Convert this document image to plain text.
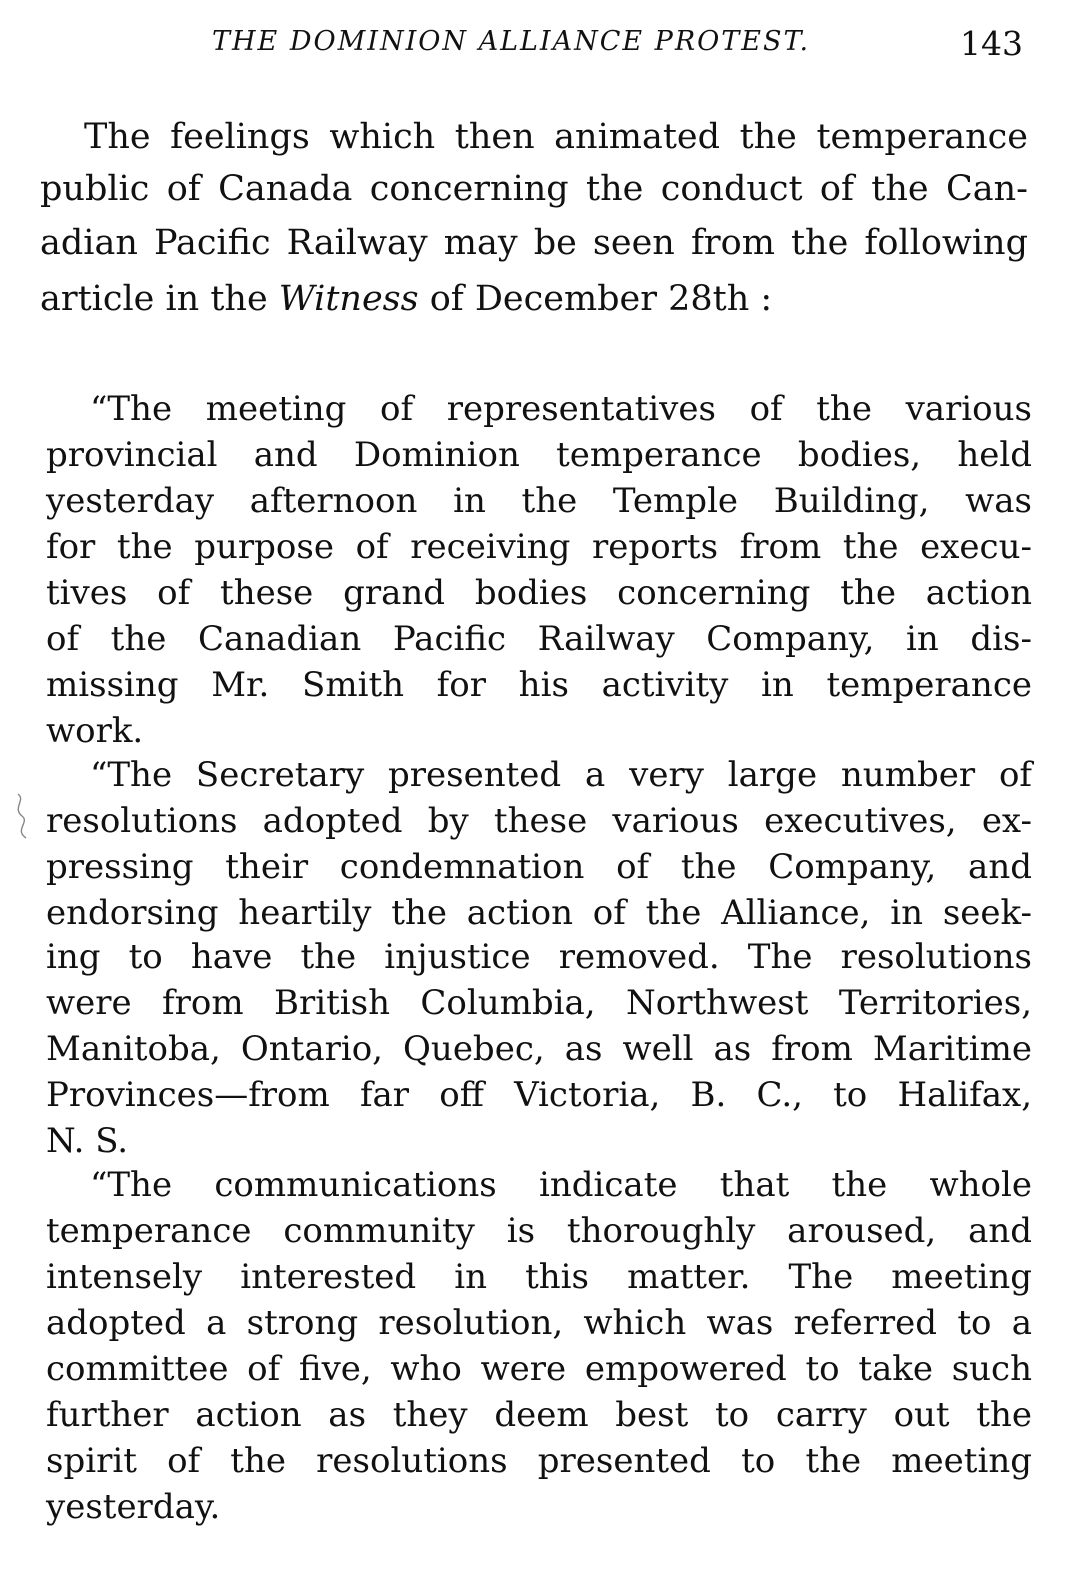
THE DOMINION ALLIANCE PROTEST.	143
The feelings which then animated the temperance
public of Canada concerning the conduct of the Can-
adian Pacific Railway may be seen from the following
article in the Witness of December 28th :
“The meeting of representatives of the various
provincial and Dominion temperance bodies, held
yesterday afternoon in the Temple Building, was
for the purpose of receiving reports from the execu-
tives of these grand bodies concerning the action
of the Canadian Pacific Railway Company, in dis-
missing Mr. Smith for his activity in temperance
work.
“The Secretary presented a very large number of
resolutions adopted by these various executives, ex-
pressing their condemnation of the Company, and
endorsing heartily the action of the Alliance, in seek-
ing to have the injustice removed. The resolutions
were from British Columbia, Northwest Territories,
Manitoba, Ontario, Quebec, as well as from Maritime
Provinces—from far off Victoria, B. C., to Halifax,
N. S.
“The communications indicate that the whole
temperance community is thoroughly aroused, and
intensely interested in this matter. The meeting
adopted a strong resolution, which was referred to a
committee of five, who were empowered to take such
further action as they deem best to carry out the
spirit of the resolutions presented to the meeting
yesterday.
